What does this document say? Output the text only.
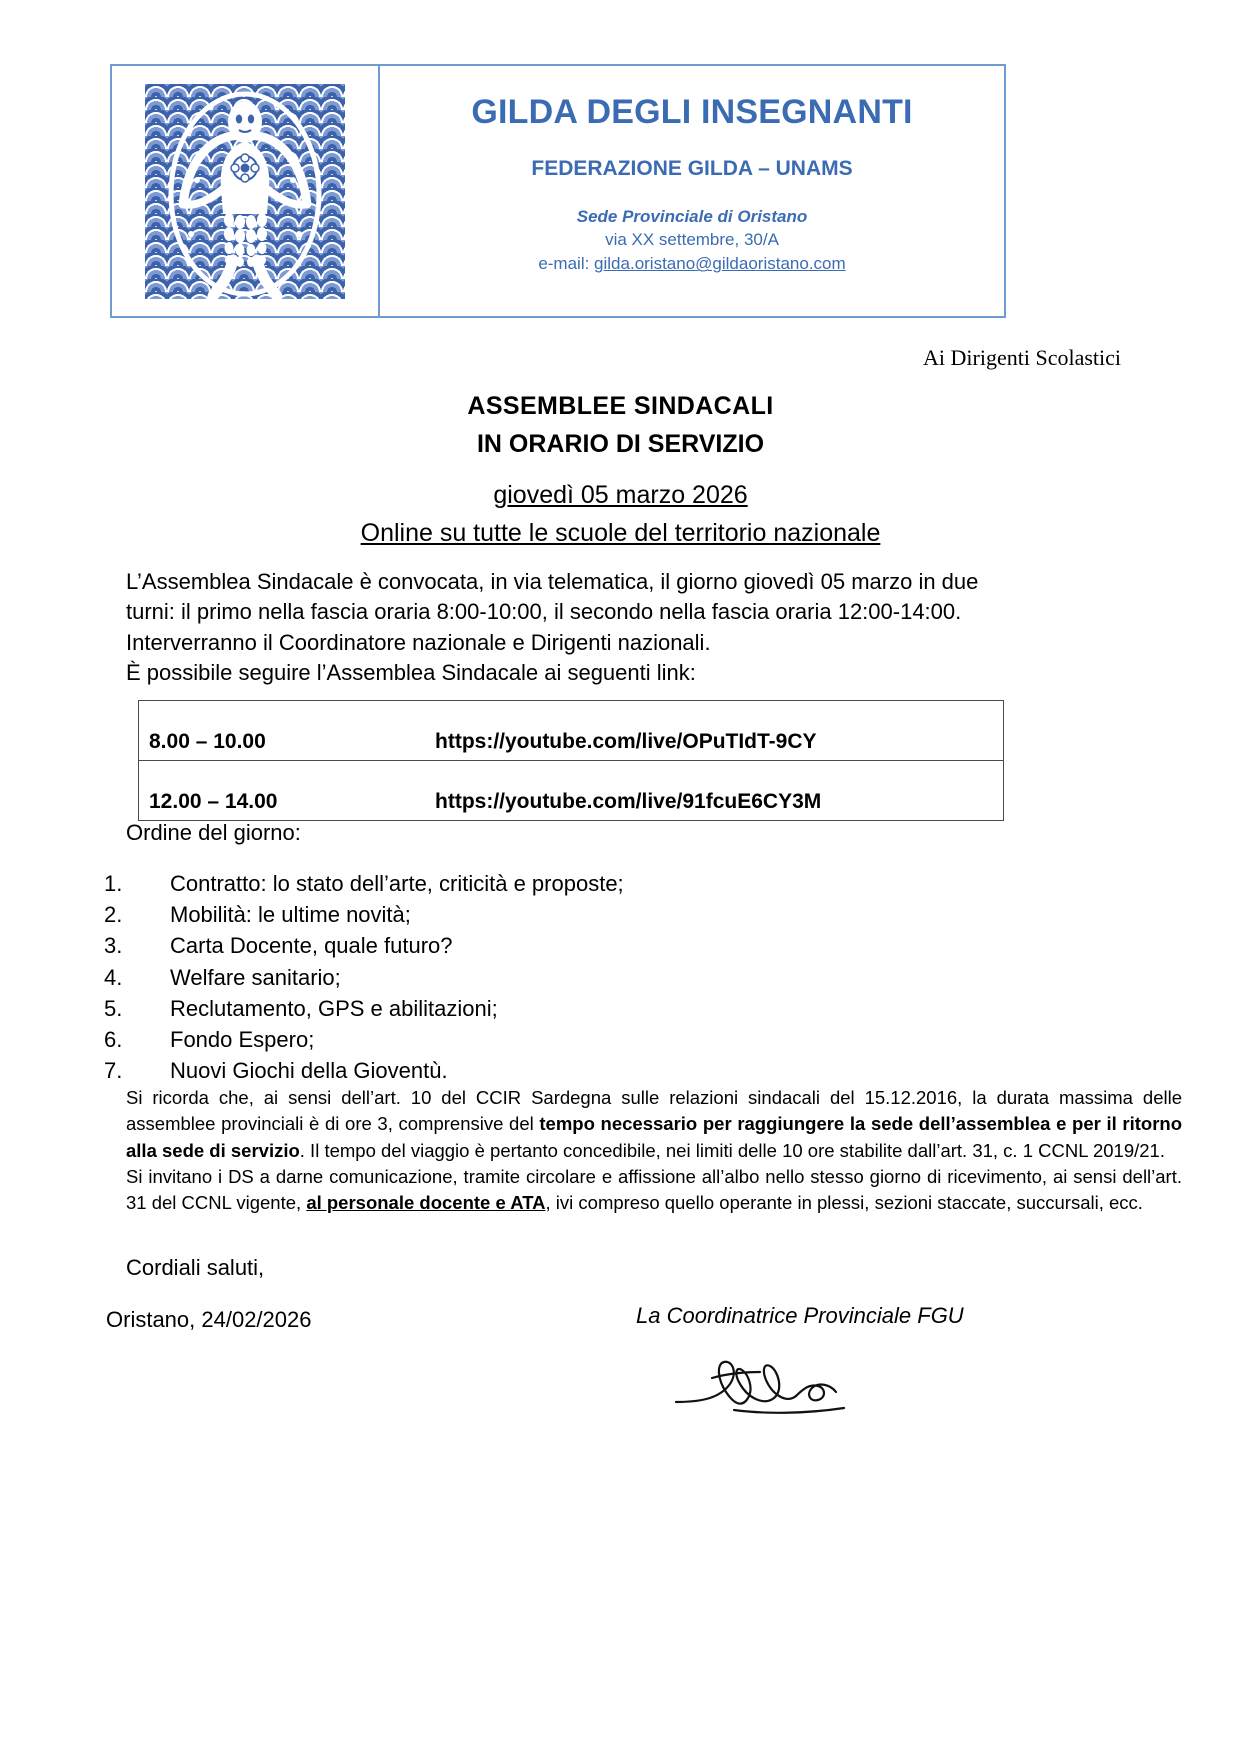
GILDA DEGLI INSEGNANTI
FEDERAZIONE GILDA – UNAMS
Sede Provinciale di Oristano
via XX settembre, 30/A
e-mail: gilda.oristano@gildaoristano.com
Ai Dirigenti Scolastici
ASSEMBLEE SINDACALI
IN ORARIO DI SERVIZIO
giovedì 05 marzo 2026
Online su tutte le scuole del territorio nazionale

L’Assemblea Sindacale è convocata, in via telematica, il giorno giovedì 05 marzo in due

turni: il primo nella fascia oraria 8:00-10:00, il secondo nella fascia oraria 12:00-14:00.

Interverranno il Coordinatore nazionale e Dirigenti nazionali.

È possibile seguire l’Assemblea Sindacale ai seguenti link:

8.00 – 10.00	https://youtube.com/live/OPuTIdT-9CY
12.00 – 14.00	https://youtube.com/live/91fcuE6CY3M
Ordine del giorno:
1.	Contratto: lo stato dell’arte, criticità e proposte;
2.	Mobilità: le ultime novità;
3.	Carta Docente, quale futuro?
4.	Welfare sanitario;
5.	Reclutamento, GPS e abilitazioni;
6.	Fondo Espero;
7.	Nuovi Giochi della Gioventù.

Si ricorda che, ai sensi dell’art. 10 del CCIR Sardegna sulle relazioni sindacali del 15.12.2016, la durata massima delle assemblee provinciali è di ore 3, comprensive del tempo necessario per raggiungere la sede dell’assemblea e per il ritorno alla sede di servizio. Il tempo del viaggio è pertanto concedibile, nei limiti delle 10 ore stabilite dall’art. 31, c. 1 CCNL 2019/21.

Si invitano i DS a darne comunicazione, tramite circolare e affissione all’albo nello stesso giorno di ricevimento, ai sensi dell’art. 31 del CCNL vigente, al personale docente e ATA, ivi compreso quello operante in plessi, sezioni staccate, succursali, ecc.

Cordiali saluti,
Oristano, 24/02/2026	La Coordinatrice Provinciale FGU
